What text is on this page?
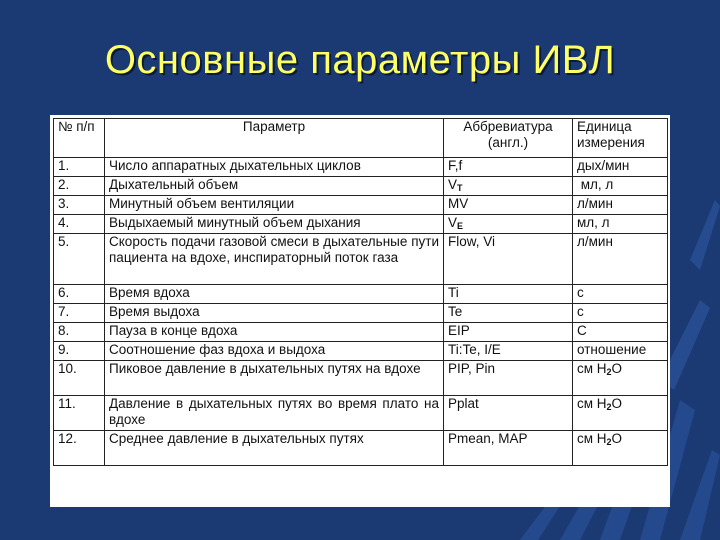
Основные параметры ИВЛ
№ п/п	Параметр	Аббревиатура (англ.)	Единица измерения
1.	Число аппаратных дыхательных циклов	F,f	дых/мин
2.	Дыхательный объем	$V_T$	мл, л
3.	Минутный объем вентиляции	MV	л/мин
4.	Выдыхаемый минутный объем дыхания	$V_E$	мл, л
5.	Скорость подачи газовой смеси в дыхательные пути пациента на вдохе, инспираторный поток газа	Flow, Vi	л/мин
6.	Время вдоха	Ti	с
7.	Время выдоха	Te	с
8.	Пауза в конце вдоха	EIP	С
9.	Соотношение фаз вдоха и выдоха	Ti:Te, I/E	отношение
10.	Пиковое давление в дыхательных путях на вдохе	PIP, Pin	см $H_2O$
11.	Давление в дыхательных путях во время плато на вдохе	Pplat	см $H_2O$
12.	Среднее давление в дыхательных путях	Pmean, MAP	см $H_2O$
